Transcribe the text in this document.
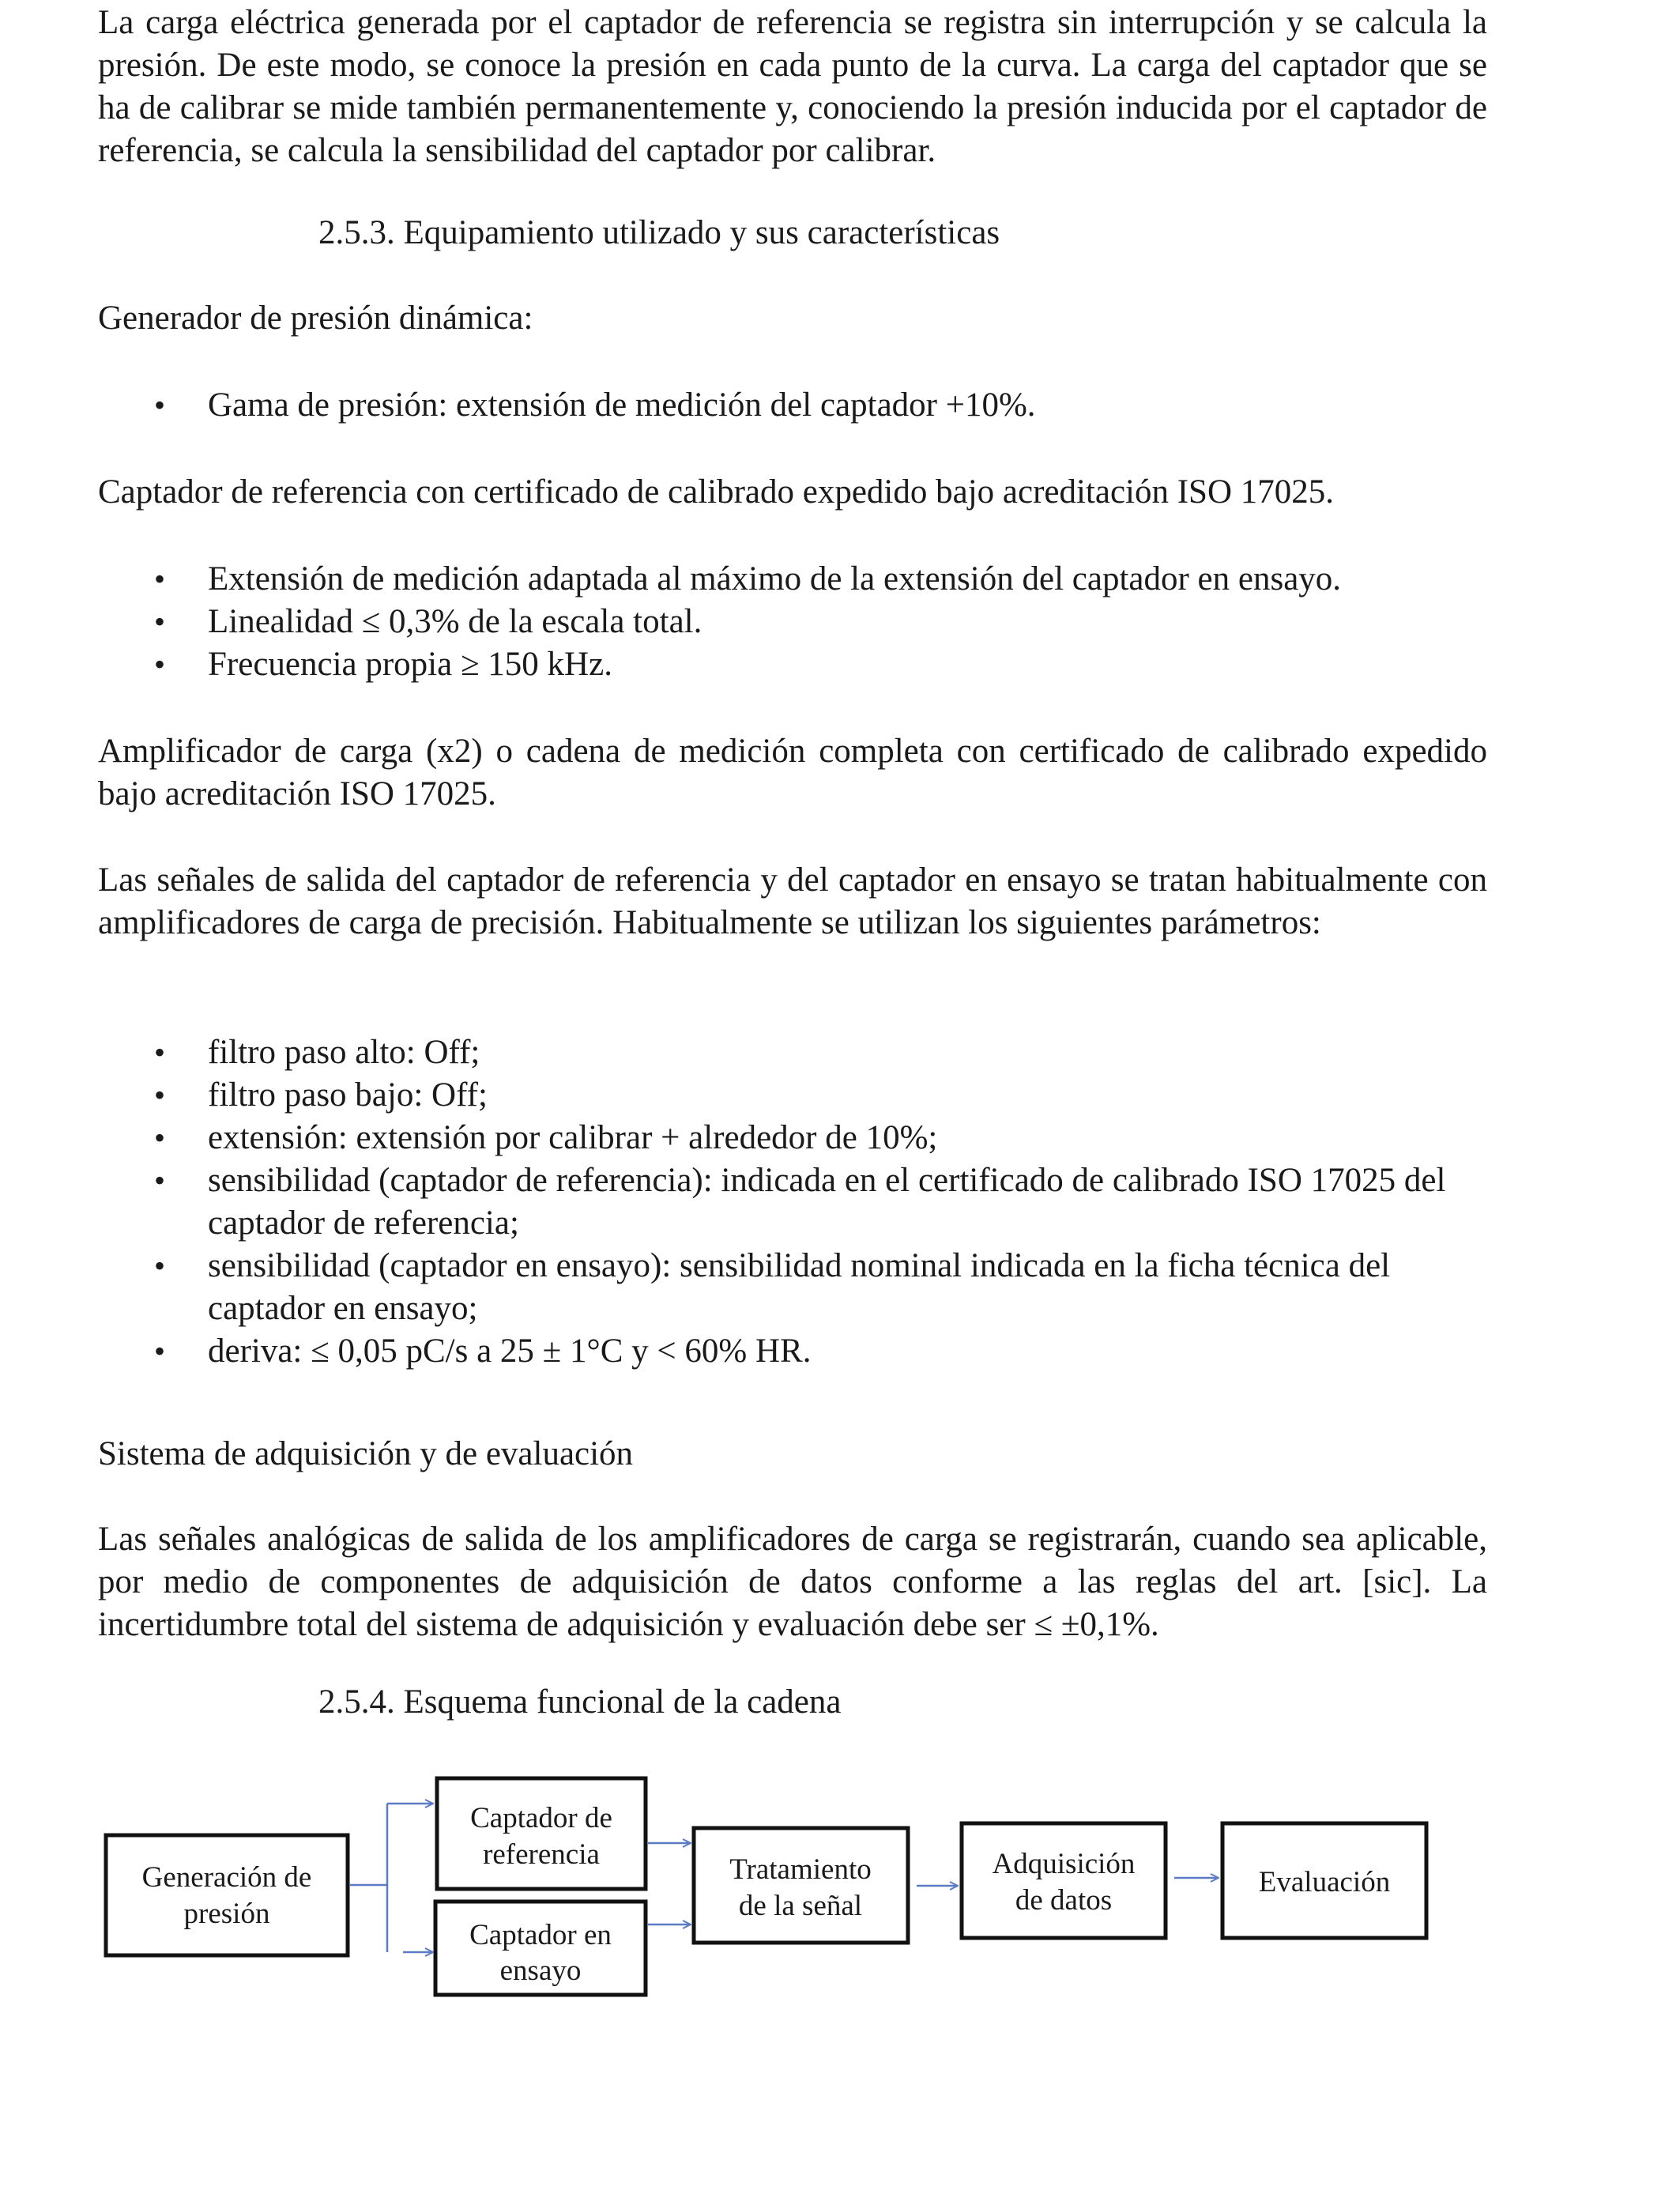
La carga eléctrica generada por el captador de referencia se registra sin interrupción y se calcula la presión. De este modo, se conoce la presión en cada punto de la curva. La carga del captador que se ha de calibrar se mide también permanentemente y, conociendo la presión inducida por el captador de referencia, se calcula la sensibilidad del captador por calibrar.

2.5.3. Equipamiento utilizado y sus características

Generador de presión dinámica:

• Gama de presión: extensión de medición del captador +10%.

Captador de referencia con certificado de calibrado expedido bajo acreditación ISO 17025.

• Extensión de medición adaptada al máximo de la extensión del captador en ensayo.
• Linealidad ≤ 0,3% de la escala total.
• Frecuencia propia ≥ 150 kHz.

Amplificador de carga (x2) o cadena de medición completa con certificado de calibrado expedido bajo acreditación ISO 17025.

Las señales de salida del captador de referencia y del captador en ensayo se tratan habitualmente con amplificadores de carga de precisión. Habitualmente se utilizan los siguientes parámetros:

• filtro paso alto: Off;
• filtro paso bajo: Off;
• extensión: extensión por calibrar + alrededor de 10%;
• sensibilidad (captador de referencia): indicada en el certificado de calibrado ISO 17025 del captador de referencia;
• sensibilidad (captador en ensayo): sensibilidad nominal indicada en la ficha técnica del captador en ensayo;
• deriva: ≤ 0,05 pC/s a 25 ± 1°C y < 60% HR.

Sistema de adquisición y de evaluación

Las señales analógicas de salida de los amplificadores de carga se registrarán, cuando sea aplicable, por medio de componentes de adquisición de datos conforme a las reglas del art. [sic]. La incertidumbre total del sistema de adquisición y evaluación debe ser ≤ ±0,1%.

2.5.4. Esquema funcional de la cadena

Generación de
presión
Captador de
referencia
Captador en
ensayo
Tratamiento
de la señal
Adquisición
de datos
Evaluación
